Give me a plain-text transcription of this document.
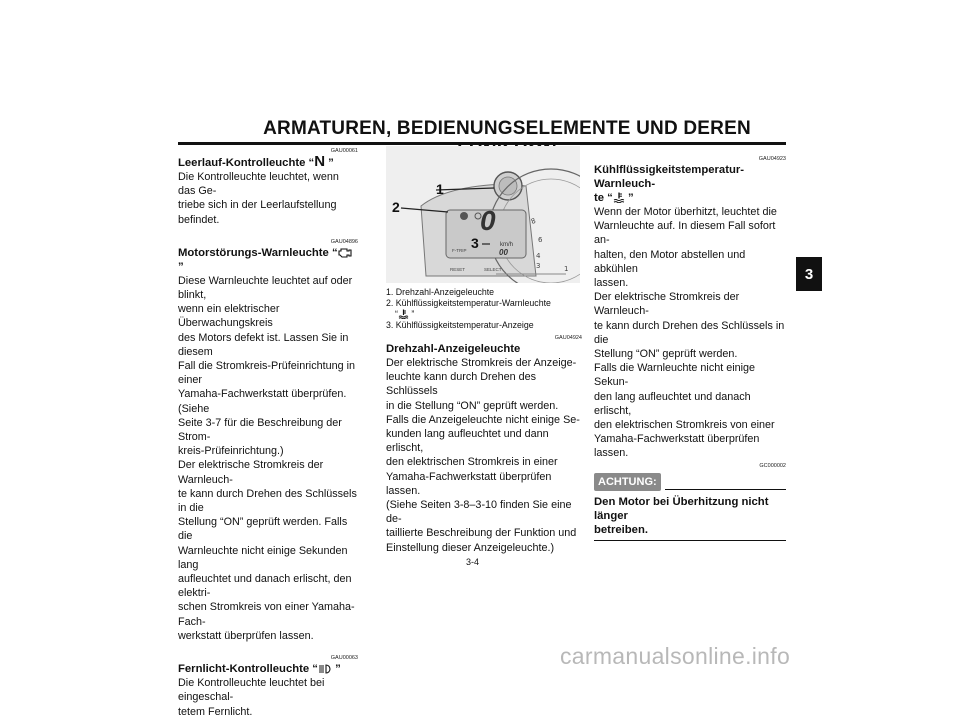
ARMATUREN, BEDIENUNGSELEMENTE UND DEREN
3
GAU00061
Leerlauf-Kontrolleuchte “N ”

Die Kontrolleuchte leuchtet, wenn das Ge-
triebe sich in der Leerlaufstellung befindet.

GAU04896
Motorstörungs-Warnleuchte “ ”

Diese Warnleuchte leuchtet auf oder blinkt,
wenn ein elektrischer Überwachungskreis
des Motors defekt ist. Lassen Sie in diesem
Fall die Stromkreis-Prüfeinrichtung in einer
Yamaha-Fachwerkstatt überprüfen. (Siehe
Seite 3-7 für die Beschreibung der Strom-
kreis-Prüfeinrichtung.)
Der elektrische Stromkreis der Warnleuch-
te kann durch Drehen des Schlüssels in die
Stellung “ON” geprüft werden. Falls die
Warnleuchte nicht einige Sekunden lang
aufleuchtet und danach erlischt, den elektri-
schen Stromkreis von einer Yamaha-Fach-
werkstatt überprüfen lassen.

GAU00063
Fernlicht-Kontrolleuchte “ ”

Die Kontrolleuchte leuchtet bei eingeschal-
tetem Fernlicht.

8
6
4
3	1
1
2
3
0
km/h
00
F-TRIP
RESET	SELECT
1. Drehzahl-Anzeigeleuchte
2. Kühlflüssigkeitstemperatur-Warnleuchte
“ ”
3. Kühlflüssigkeitstemperatur-Anzeige
GAU04924
Drehzahl-Anzeigeleuchte

Der elektrische Stromkreis der Anzeige-
leuchte kann durch Drehen des Schlüssels
in die Stellung “ON” geprüft werden.
Falls die Anzeigeleuchte nicht einige Se-
kunden lang aufleuchtet und dann erlischt,
den elektrischen Stromkreis in einer
Yamaha-Fachwerkstatt überprüfen lassen.
(Siehe Seiten 3-8–3-10 finden Sie eine de-
taillierte Beschreibung der Funktion und
Einstellung dieser Anzeigeleuchte.)

GAU04923
Kühlflüssigkeitstemperatur-Warnleuch-
te “ ”

Wenn der Motor überhitzt, leuchtet die
Warnleuchte auf. In diesem Fall sofort an-
halten, den Motor abstellen und abkühlen
lassen.
Der elektrische Stromkreis der Warnleuch-
te kann durch Drehen des Schlüssels in die
Stellung “ON” geprüft werden.
Falls die Warnleuchte nicht einige Sekun-
den lang aufleuchtet und danach erlischt,
den elektrischen Stromkreis von einer
Yamaha-Fachwerkstatt überprüfen lassen.

GC000002
ACHTUNG:
Den Motor bei Überhitzung nicht länger
betreiben.
3-4
carmanualsonline.info
